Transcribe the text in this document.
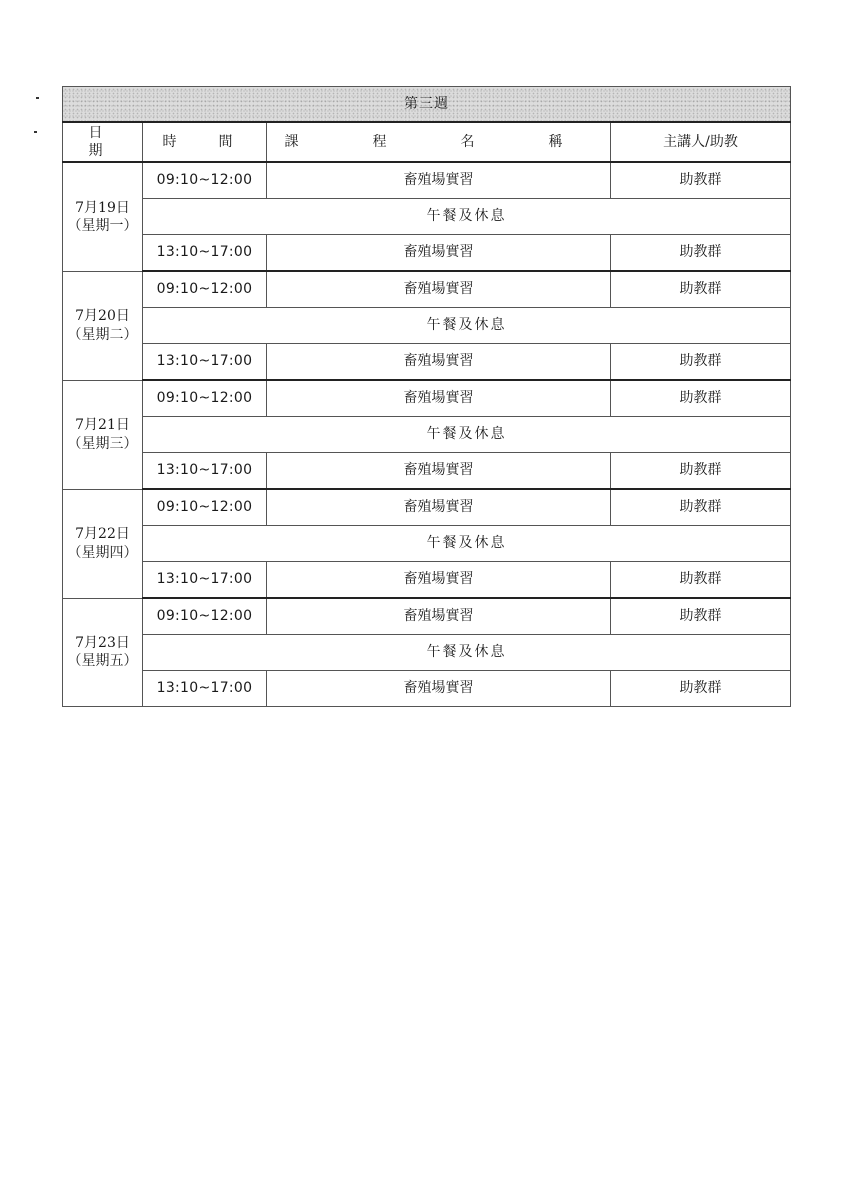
第三週			
日　期	時　間	課　程　名　稱	主講人/助教

7月19日
（星期一）	09:10~12:00	畜殖場實習	助教群
	午餐及休息		
	13:10~17:00	畜殖場實習	助教群

7月20日
（星期二）	09:10~12:00	畜殖場實習	助教群
	午餐及休息		
	13:10~17:00	畜殖場實習	助教群

7月21日
（星期三）	09:10~12:00	畜殖場實習	助教群
	午餐及休息		
	13:10~17:00	畜殖場實習	助教群

7月22日
（星期四）	09:10~12:00	畜殖場實習	助教群
	午餐及休息		
	13:10~17:00	畜殖場實習	助教群

7月23日
（星期五）	09:10~12:00	畜殖場實習	助教群
	午餐及休息		
	13:10~17:00	畜殖場實習	助教群
